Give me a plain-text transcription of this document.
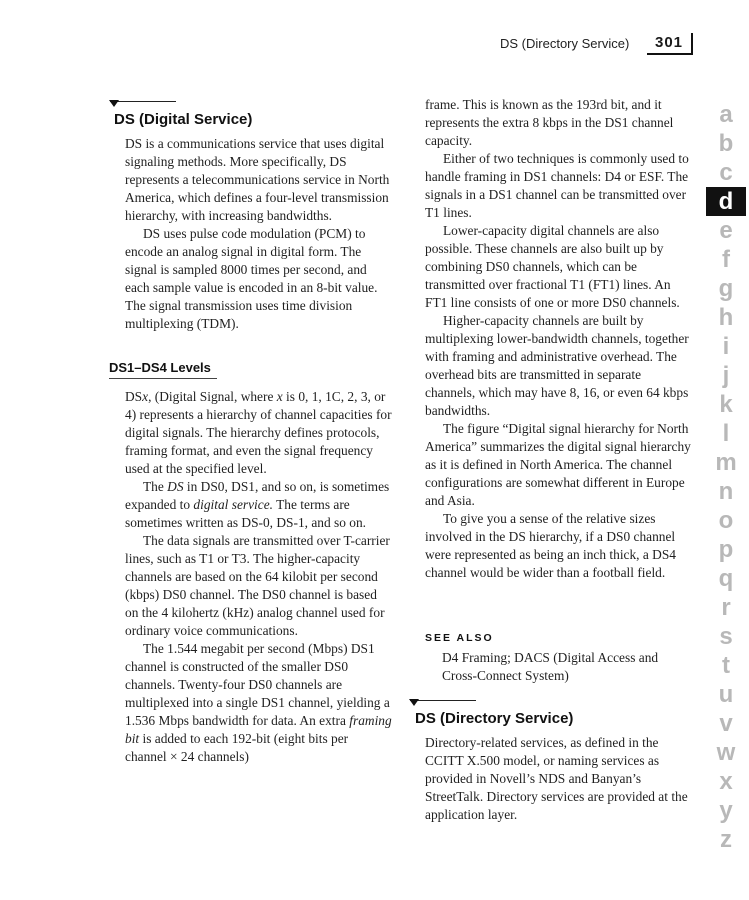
DS (Directory Service) 301
DS (Digital Service)

DS is a communications service that uses digital signaling methods. More specifically, DS represents a telecommunications service in North America, which defines a four-level transmission hierarchy, with increasing bandwidths.

DS uses pulse code modulation (PCM) to encode an analog signal in digital form. The signal is sampled 8000 times per second, and each sample value is encoded in an 8-bit value. The signal transmission uses time division multiplexing (TDM).

DS1–DS4 Levels

DSx, (Digital Signal, where x is 0, 1, 1C, 2, 3, or 4) represents a hierarchy of channel capacities for digital signals. The hierarchy defines protocols, framing format, and even the signal frequency used at the specified level.

The DS in DS0, DS1, and so on, is sometimes expanded to digital service. The terms are sometimes written as DS-0, DS-1, and so on.

The data signals are transmitted over T-carrier lines, such as T1 or T3. The higher-capacity channels are based on the 64 kilobit per second (kbps) DS0 channel. The DS0 channel is based on the 4 kilohertz (kHz) analog channel used for ordinary voice communications.

The 1.544 megabit per second (Mbps) DS1 channel is constructed of the smaller DS0 channels. Twenty-four DS0 channels are multiplexed into a single DS1 channel, yielding a 1.536 Mbps bandwidth for data. An extra framing bit is added to each 192-bit (eight bits per channel × 24 channels)

frame. This is known as the 193rd bit, and it represents the extra 8 kbps in the DS1 channel capacity.

Either of two techniques is commonly used to handle framing in DS1 channels: D4 or ESF. The signals in a DS1 channel can be transmitted over T1 lines.

Lower-capacity digital channels are also possible. These channels are also built up by combining DS0 channels, which can be transmitted over fractional T1 (FT1) lines. An FT1 line consists of one or more DS0 channels.

Higher-capacity channels are built by multiplexing lower-bandwidth channels, together with framing and administrative overhead. The overhead bits are transmitted in separate channels, which may have 8, 16, or even 64 kbps bandwidths.

The figure “Digital signal hierarchy for North America” summarizes the digital signal hierarchy as it is defined in North America. The channel configurations are somewhat different in Europe and Asia.

To give you a sense of the relative sizes involved in the DS hierarchy, if a DS0 channel were represented as being an inch thick, a DS4 channel would be wider than a football field.

SEE ALSO

D4 Framing; DACS (Digital Access and Cross-Connect System)

DS (Directory Service)

Directory-related services, as defined in the CCITT X.500 model, or naming services as provided in Novell’s NDS and Banyan’s StreetTalk. Directory services are provided at the application layer.

a
b
c
d
e
f
g
h
i
j
k
l
m
n
o
p
q
r
s
t
u
v
w
x
y
z
